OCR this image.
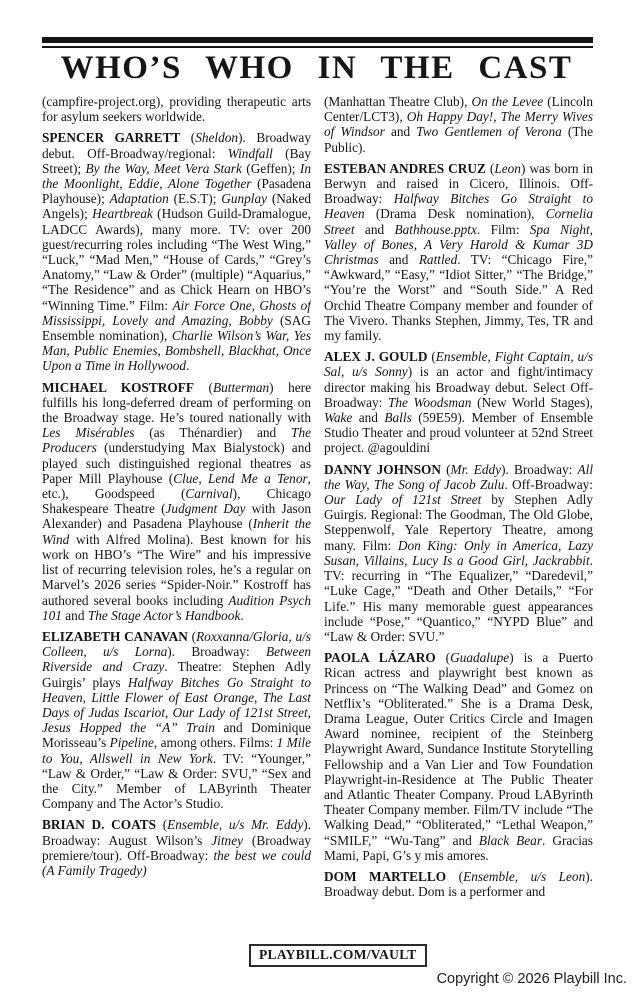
WHO’S WHO IN THE CAST

(campfire-project.org), providing therapeutic arts for asylum seekers worldwide.

SPENCER GARRETT (Sheldon). Broadway debut. Off-Broadway/regional: Windfall (Bay Street); By the Way, Meet Vera Stark (Geffen); In the Moonlight, Eddie, Alone Together (Pasadena Playhouse); Adaptation (E.S.T); Gunplay (Naked Angels); Heartbreak (Hudson Guild-Dramalogue, LADCC Awards), many more. TV: over 200 guest/recurring roles including “The West Wing,” “Luck,” “Mad Men,” “House of Cards,” “Grey’s Anatomy,” “Law & Order” (multiple) “Aquarius,” “The Residence” and as Chick Hearn on HBO’s “Winning Time.” Film: Air Force One, Ghosts of Mississippi, Lovely and Amazing, Bobby (SAG Ensemble nomination), Charlie Wilson’s War, Yes Man, Public Enemies, Bombshell, Blackhat, Once Upon a Time in Hollywood.

MICHAEL KOSTROFF (Butterman) here fulfills his long-deferred dream of performing on the Broadway stage. He’s toured nationally with Les Misérables (as Thénardier) and The Producers (understudying Max Bialystock) and played such distinguished regional theatres as Paper Mill Playhouse (Clue, Lend Me a Tenor, etc.), Goodspeed (Carnival), Chicago Shakespeare Theatre (Judgment Day with Jason Alexander) and Pasadena Playhouse (Inherit the Wind with Alfred Molina). Best known for his work on HBO’s “The Wire” and his impressive list of recurring television roles, he’s a regular on Marvel’s 2026 series “Spider-Noir.” Kostroff has authored several books including Audition Psych 101 and The Stage Actor’s Handbook.

ELIZABETH CANAVAN (Roxxanna/Gloria, u/s Colleen, u/s Lorna). Broadway: Between Riverside and Crazy. Theatre: Stephen Adly Guirgis’ plays Halfway Bitches Go Straight to Heaven, Little Flower of East Orange, The Last Days of Judas Iscariot, Our Lady of 121st Street, Jesus Hopped the “A” Train and Dominique Morisseau’s Pipeline, among others. Films: 1 Mile to You, Allswell in New York. TV: “Younger,” “Law & Order,” “Law & Order: SVU,” “Sex and the City.” Member of LAByrinth Theater Company and The Actor’s Studio.

BRIAN D. COATS (Ensemble, u/s Mr. Eddy). Broadway: August Wilson’s Jitney (Broadway premiere/tour). Off-Broadway: the best we could (A Family Tragedy)

(Manhattan Theatre Club), On the Levee (Lincoln Center/LCT3), Oh Happy Day!, The Merry Wives of Windsor and Two Gentlemen of Verona (The Public).

ESTEBAN ANDRES CRUZ (Leon) was born in Berwyn and raised in Cicero, Illinois. Off-Broadway: Halfway Bitches Go Straight to Heaven (Drama Desk nomination), Cornelia Street and Bathhouse.pptx. Film: Spa Night, Valley of Bones, A Very Harold & Kumar 3D Christmas and Rattled. TV: “Chicago Fire,” “Awkward,” “Easy,” “Idiot Sitter,” “The Bridge,” “You’re the Worst” and “South Side.” A Red Orchid Theatre Company member and founder of The Vivero. Thanks Stephen, Jimmy, Tes, TR and my family.

ALEX J. GOULD (Ensemble, Fight Captain, u/s Sal, u/s Sonny) is an actor and fight/intimacy director making his Broadway debut. Select Off-Broadway: The Woodsman (New World Stages), Wake and Balls (59E59). Member of Ensemble Studio Theater and proud volunteer at 52nd Street project. @agouldini

DANNY JOHNSON (Mr. Eddy). Broadway: All the Way, The Song of Jacob Zulu. Off-Broadway: Our Lady of 121st Street by Stephen Adly Guirgis. Regional: The Goodman, The Old Globe, Steppenwolf, Yale Repertory Theatre, among many. Film: Don King: Only in America, Lazy Susan, Villains, Lucy Is a Good Girl, Jackrabbit. TV: recurring in “The Equalizer,” “Daredevil,” “Luke Cage,” “Death and Other Details,” “For Life.” His many memorable guest appearances include “Pose,” “Quantico,” “NYPD Blue” and “Law & Order: SVU.”

PAOLA LÁZARO (Guadalupe) is a Puerto Rican actress and playwright best known as Princess on “The Walking Dead” and Gomez on Netflix’s “Obliterated.” She is a Drama Desk, Drama League, Outer Critics Circle and Imagen Award nominee, recipient of the Steinberg Playwright Award, Sundance Institute Storytelling Fellowship and a Van Lier and Tow Foundation Playwright-in-Residence at The Public Theater and Atlantic Theater Company. Proud LAByrinth Theater Company member. Film/TV include “The Walking Dead,” “Obliterated,” “Lethal Weapon,” “SMILF,” “Wu-Tang” and Black Bear. Gracias Mami, Papi, G’s y mis amores.

DOM MARTELLO (Ensemble, u/s Leon). Broadway debut. Dom is a performer and

PLAYBILL.COM/VAULT
Copyright © 2026 Playbill Inc.
